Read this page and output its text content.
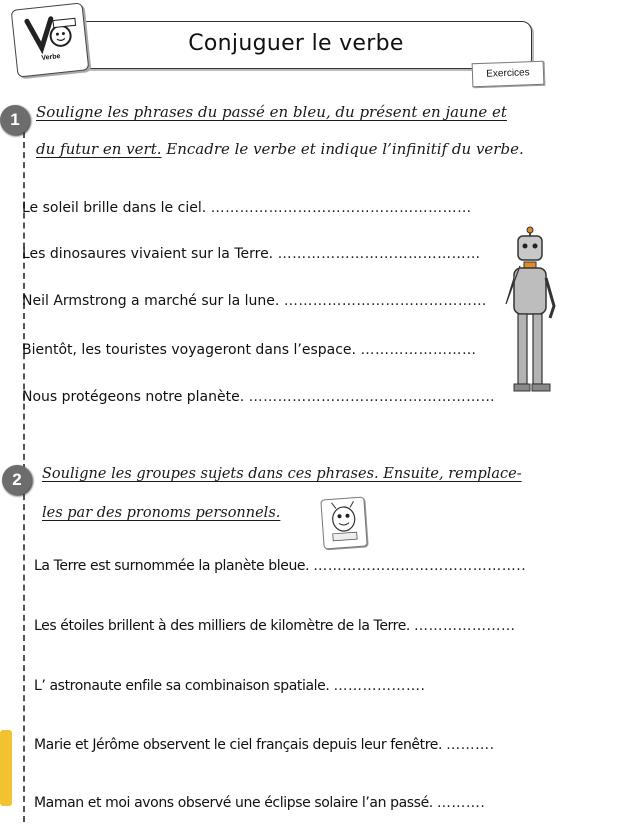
Conjuguer le verbe
Exercices
Verbe
1	Souligne les phrases du passé en bleu, du présent en jaune et
du futur en vert. Encadre le verbe et indique l’infinitif du verbe.
Le soleil brille dans le ciel. ………………………………………………
Les dinosaures vivaient sur la Terre. ……………………………………
Neil Armstrong a marché sur la lune. ……………………………………
Bientôt, les touristes voyageront dans l’espace. ……………………
Nous protégeons notre planète. ……………………………………………
2	Souligne les groupes sujets dans ces phrases. Ensuite, remplace-
les par des pronoms personnels.
La Terre est surnommée la planète bleue. ……………………………………..
Les étoiles brillent à des milliers de kilomètre de la Terre. …………………
L’ astronaute enfile sa combinaison spatiale. ……………….
Marie et Jérôme observent le ciel français depuis leur fenêtre. ……….
Maman et moi avons observé une éclipse solaire l’an passé. ……….
